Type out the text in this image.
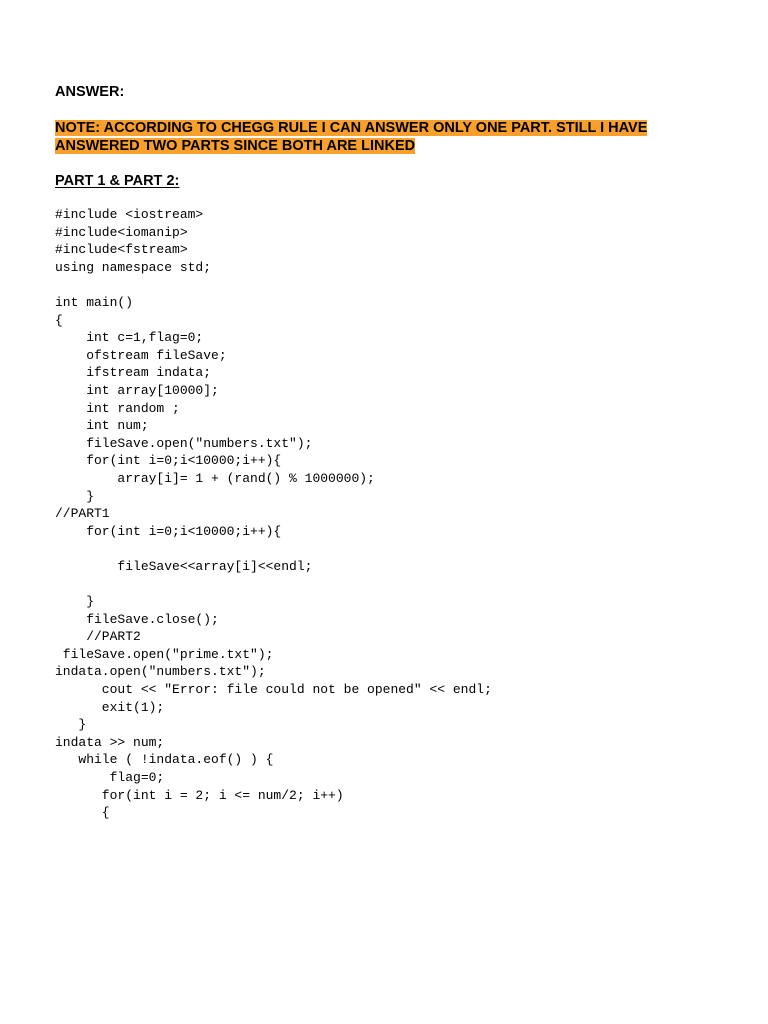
ANSWER:

NOTE: ACCORDING TO CHEGG RULE I CAN ANSWER ONLY ONE PART. STILL I HAVE ANSWERED TWO PARTS SINCE BOTH ARE LINKED

PART 1 & PART 2:

#include <iostream>
#include<iomanip>
#include<fstream>
using namespace std;
int main()
{
int c=1,flag=0;
ofstream fileSave;
ifstream indata;
int array[10000];
int random ;
int num;
fileSave.open("numbers.txt");
for(int i=0;i<10000;i++){
array[i]= 1 + (rand() % 1000000);
}
//PART1
for(int i=0;i<10000;i++){
fileSave<<array[i]<<endl;
}
fileSave.close();
//PART2
fileSave.open("prime.txt");
indata.open("numbers.txt");
cout << "Error: file could not be opened" << endl;
exit(1);
}
indata >> num;
while ( !indata.eof() ) {
flag=0;
for(int i = 2; i <= num/2; i++)
{
